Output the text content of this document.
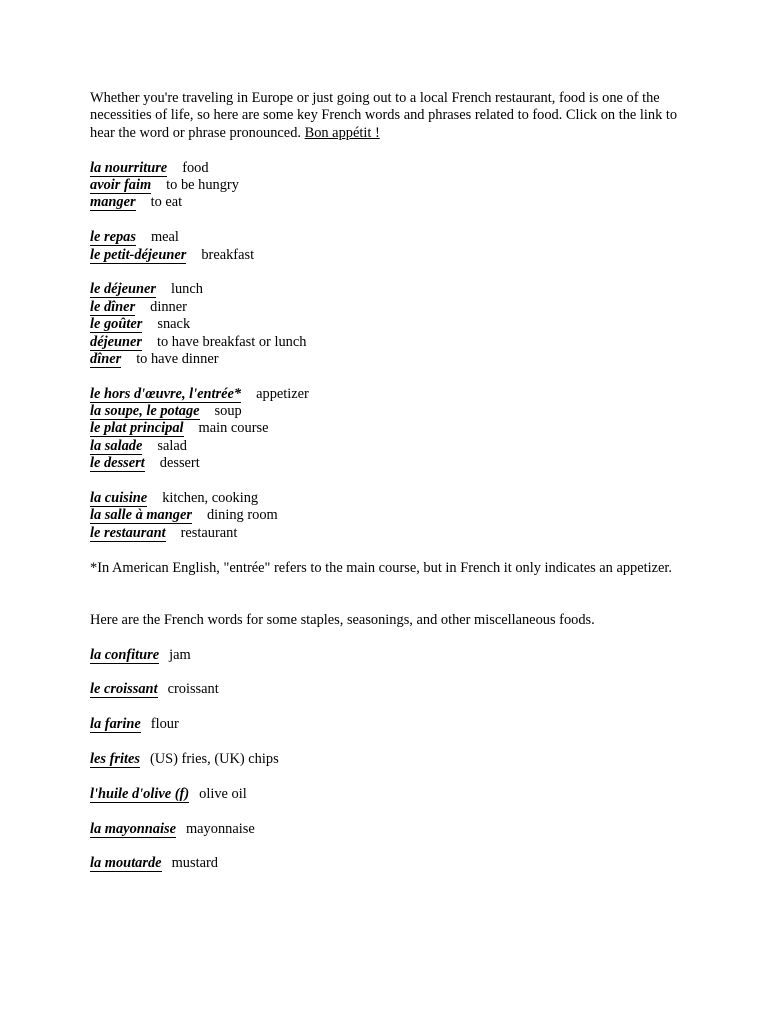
Whether you're traveling in Europe or just going out to a local French restaurant, food is one of the necessities of life, so here are some key French words and phrases related to food. Click on the link to hear the word or phrase pronounced. Bon appétit !

la nourriture food
avoir faim to be hungry
manger to eat
le repas meal
le petit-déjeuner breakfast
le déjeuner lunch
le dîner dinner
le goûter snack
déjeuner to have breakfast or lunch
dîner to have dinner
le hors d'œuvre, l'entrée* appetizer
la soupe, le potage soup
le plat principal main course
la salade salad
le dessert dessert
la cuisine kitchen, cooking
la salle à manger dining room
le restaurant restaurant
*In American English, "entrée" refers to the main course, but in French it only indicates an appetizer.
Here are the French words for some staples, seasonings, and other miscellaneous foods.
la confiture jam
le croissant croissant
la farine flour
les frites (US) fries, (UK) chips
l'huile d'olive (f) olive oil
la mayonnaise mayonnaise
la moutarde mustard
